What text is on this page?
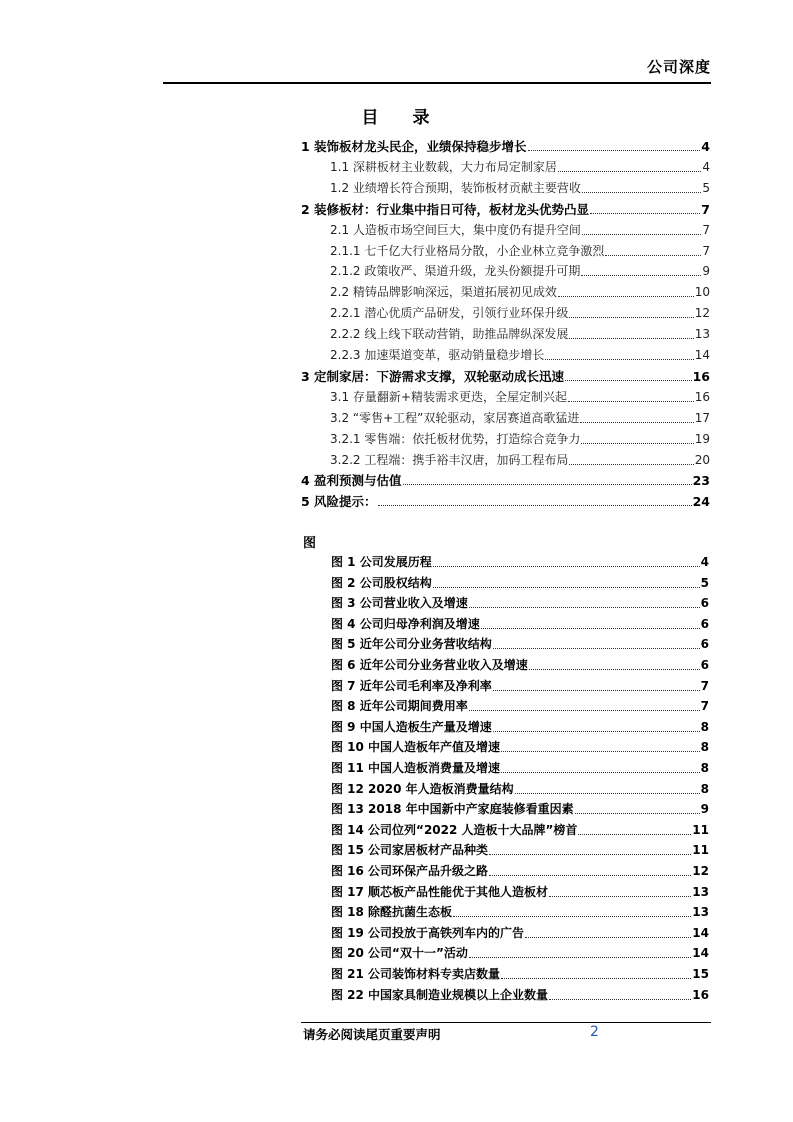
公司深度
目 录
1 装饰板材龙头民企，业绩保持稳步增长	4
1.1 深耕板材主业数载，大力布局定制家居	4
1.2 业绩增长符合预期，装饰板材贡献主要营收	5
2 装修板材：行业集中指日可待，板材龙头优势凸显	7
2.1 人造板市场空间巨大，集中度仍有提升空间	7
2.1.1 七千亿大行业格局分散，小企业林立竞争激烈	7
2.1.2 政策收严、渠道升级，龙头份额提升可期	9
2.2 精铸品牌影响深远，渠道拓展初见成效	10
2.2.1 潜心优质产品研发，引领行业环保升级	12
2.2.2 线上线下联动营销，助推品牌纵深发展	13
2.2.3 加速渠道变革，驱动销量稳步增长	14
3 定制家居：下游需求支撑，双轮驱动成长迅速	16
3.1 存量翻新+精装需求更迭，全屋定制兴起	16
3.2 “零售+工程”双轮驱动，家居赛道高歌猛进	17
3.2.1 零售端：依托板材优势，打造综合竞争力	19
3.2.2 工程端：携手裕丰汉唐，加码工程布局	20
4 盈利预测与估值	23
5 风险提示：	24
图
图 1 公司发展历程	4
图 2 公司股权结构	5
图 3 公司营业收入及增速	6
图 4 公司归母净利润及增速	6
图 5 近年公司分业务营收结构	6
图 6 近年公司分业务营业收入及增速	6
图 7 近年公司毛利率及净利率	7
图 8 近年公司期间费用率	7
图 9 中国人造板生产量及增速	8
图 10 中国人造板年产值及增速	8
图 11 中国人造板消费量及增速	8
图 12 2020 年人造板消费量结构	8
图 13 2018 年中国新中产家庭装修看重因素	9
图 14 公司位列“2022 人造板十大品牌”榜首	11
图 15 公司家居板材产品种类	11
图 16 公司环保产品升级之路	12
图 17 顺芯板产品性能优于其他人造板材	13
图 18 除醛抗菌生态板	13
图 19 公司投放于高铁列车内的广告	14
图 20 公司“双十一”活动	14
图 21 公司装饰材料专卖店数量	15
图 22 中国家具制造业规模以上企业数量	16
请务必阅读尾页重要声明	2
